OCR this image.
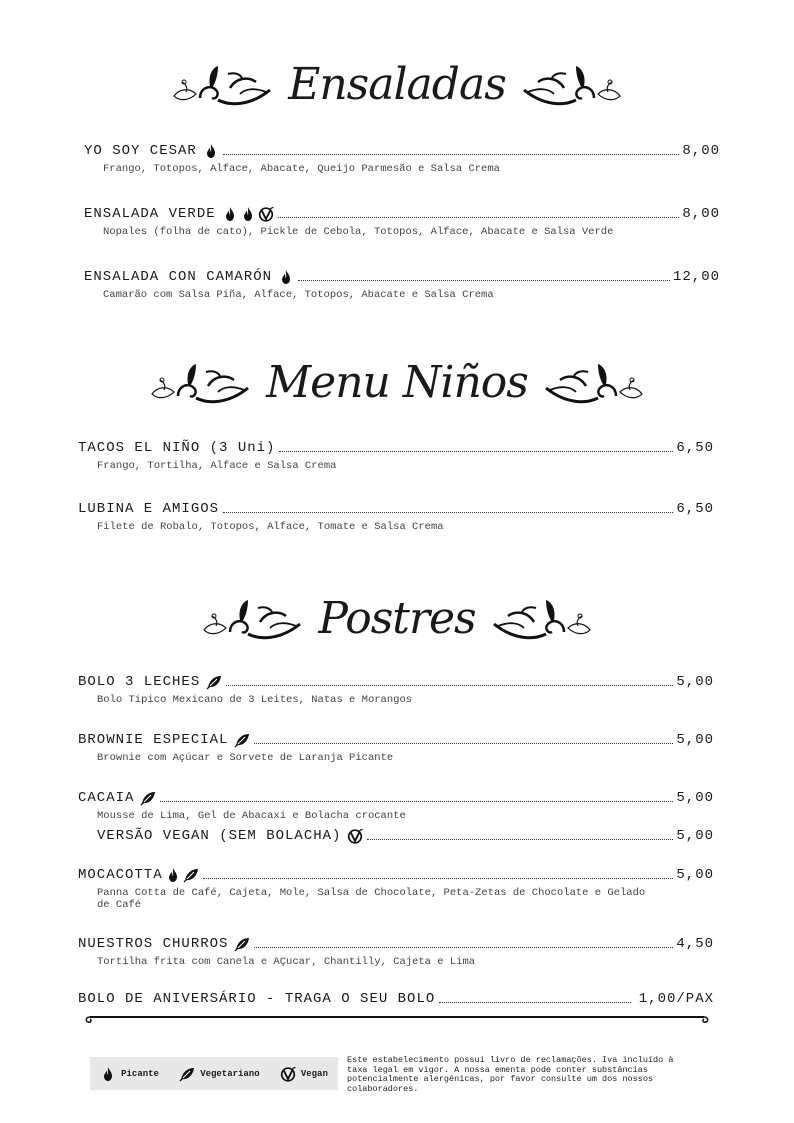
Ensaladas
YO SOY CESAR	8,00
Frango, Totopos, Alface, Abacate, Queijo Parmesão e Salsa Crema
ENSALADA VERDE	8,00
Nopales (folha de cato), Pickle de Cebola, Totopos, Alface, Abacate e Salsa Verde
ENSALADA CON CAMARÓN	12,00
Camarão com Salsa Piña, Alface, Totopos, Abacate e Salsa Crema
Menu Niños
TACOS EL NIÑO (3 Uni)	6,50
Frango, Tortilha, Alface e Salsa Crema
LUBINA E AMIGOS	6,50
Filete de Robalo, Totopos, Alface, Tomate e Salsa Crema
Postres
BOLO 3 LECHES	5,00
Bolo Tipico Mexicano de 3 Leites, Natas e Morangos
BROWNIE ESPECIAL	5,00
Brownie com Açúcar e Sorvete de Laranja Picante
CACAIA	5,00
Mousse de Lima, Gel de Abacaxi e Bolacha crocante
VERSÃO VEGAN (SEM BOLACHA)	5,00
MOCACOTTA	5,00
Panna Cotta de Café, Cajeta, Mole, Salsa de Chocolate, Peta-Zetas de Chocolate e Gelado de Café
NUESTROS CHURROS	4,50
Tortilha frita com Canela e AÇucar, Chantilly, Cajeta e Lima
BOLO DE ANIVERSÁRIO - TRAGA O SEU BOLO	1,00/PAX
Picante	Vegetariano	Vegan

Este estabelecimento possui livro de reclamações. Iva incluído à taxa legal em vigor. A nossa ementa pode conter substâncias potencialmente alergénicas, por favor consulte um dos nossos colaboradores.
